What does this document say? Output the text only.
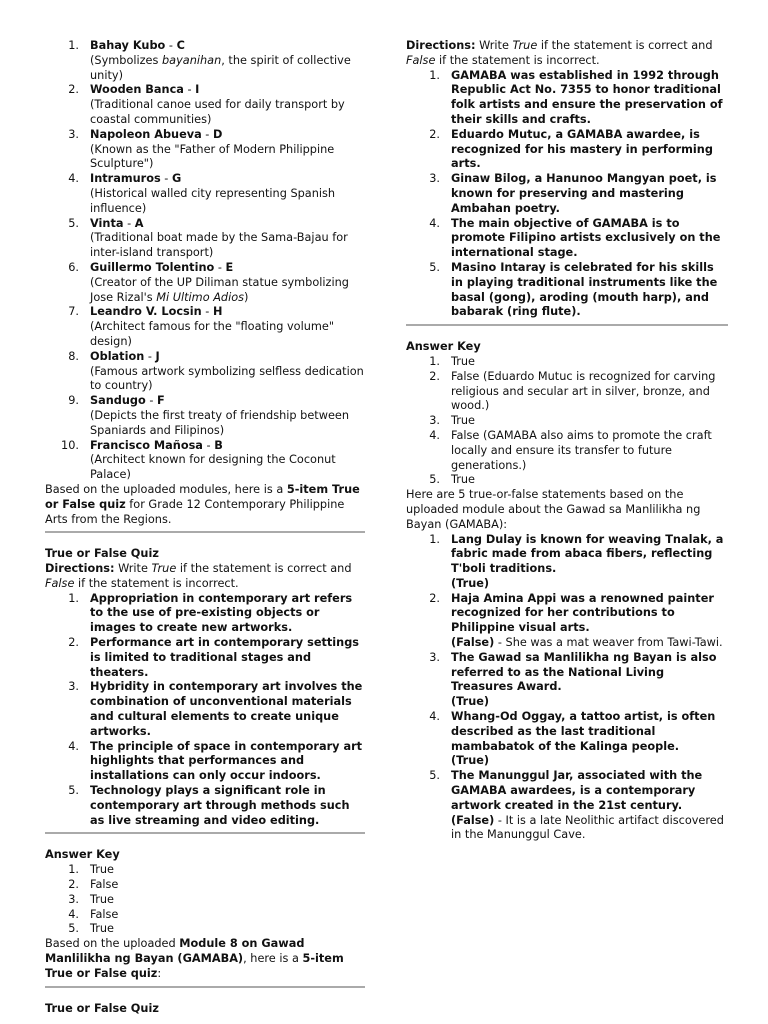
1. Bahay Kubo - C
(Symbolizes bayanihan, the spirit of collective unity)
2. Wooden Banca - I
(Traditional canoe used for daily transport by coastal communities)
3. Napoleon Abueva - D
(Known as the "Father of Modern Philippine Sculpture")
4. Intramuros - G
(Historical walled city representing Spanish influence)
5. Vinta - A
(Traditional boat made by the Sama-Bajau for inter-island transport)
6. Guillermo Tolentino - E
(Creator of the UP Diliman statue symbolizing Jose Rizal's Mi Ultimo Adios)
7. Leandro V. Locsin - H
(Architect famous for the "floating volume" design)
8. Oblation - J
(Famous artwork symbolizing selfless dedication to country)
9. Sandugo - F
(Depicts the first treaty of friendship between Spaniards and Filipinos)
10. Francisco Mañosa - B
(Architect known for designing the Coconut Palace)

Based on the uploaded modules, here is a 5-item True or False quiz for Grade 12 Contemporary Philippine Arts from the Regions.

True or False Quiz

Directions: Write True if the statement is correct and False if the statement is incorrect.

1. Appropriation in contemporary art refers to the use of pre-existing objects or images to create new artworks.
2. Performance art in contemporary settings is limited to traditional stages and theaters.
3. Hybridity in contemporary art involves the combination of unconventional materials and cultural elements to create unique artworks.
4. The principle of space in contemporary art highlights that performances and installations can only occur indoors.
5. Technology plays a significant role in contemporary art through methods such as live streaming and video editing.

Answer Key

1. True
2. False
3. True
4. False
5. True

Based on the uploaded Module 8 on Gawad Manlilikha ng Bayan (GAMABA), here is a 5-item True or False quiz:

True or False Quiz

Directions: Write True if the statement is correct and False if the statement is incorrect.

1. GAMABA was established in 1992 through Republic Act No. 7355 to honor traditional folk artists and ensure the preservation of their skills and crafts.
2. Eduardo Mutuc, a GAMABA awardee, is recognized for his mastery in performing arts.
3. Ginaw Bilog, a Hanunoo Mangyan poet, is known for preserving and mastering Ambahan poetry.
4. The main objective of GAMABA is to promote Filipino artists exclusively on the international stage.
5. Masino Intaray is celebrated for his skills in playing traditional instruments like the basal (gong), aroding (mouth harp), and babarak (ring flute).

Answer Key

1. True
2. False (Eduardo Mutuc is recognized for carving religious and secular art in silver, bronze, and wood.)
3. True
4. False (GAMABA also aims to promote the craft locally and ensure its transfer to future generations.)
5. True

Here are 5 true-or-false statements based on the uploaded module about the Gawad sa Manlilikha ng Bayan (GAMABA):

1. Lang Dulay is known for weaving Tnalak, a fabric made from abaca fibers, reflecting T'boli traditions.
(True)
2. Haja Amina Appi was a renowned painter recognized for her contributions to Philippine visual arts.
(False) - She was a mat weaver from Tawi-Tawi.
3. The Gawad sa Manlilikha ng Bayan is also referred to as the National Living Treasures Award.
(True)
4. Whang-Od Oggay, a tattoo artist, is often described as the last traditional mambabatok of the Kalinga people.
(True)
5. The Manunggul Jar, associated with the GAMABA awardees, is a contemporary artwork created in the 21st century.
(False) - It is a late Neolithic artifact discovered in the Manunggul Cave.
